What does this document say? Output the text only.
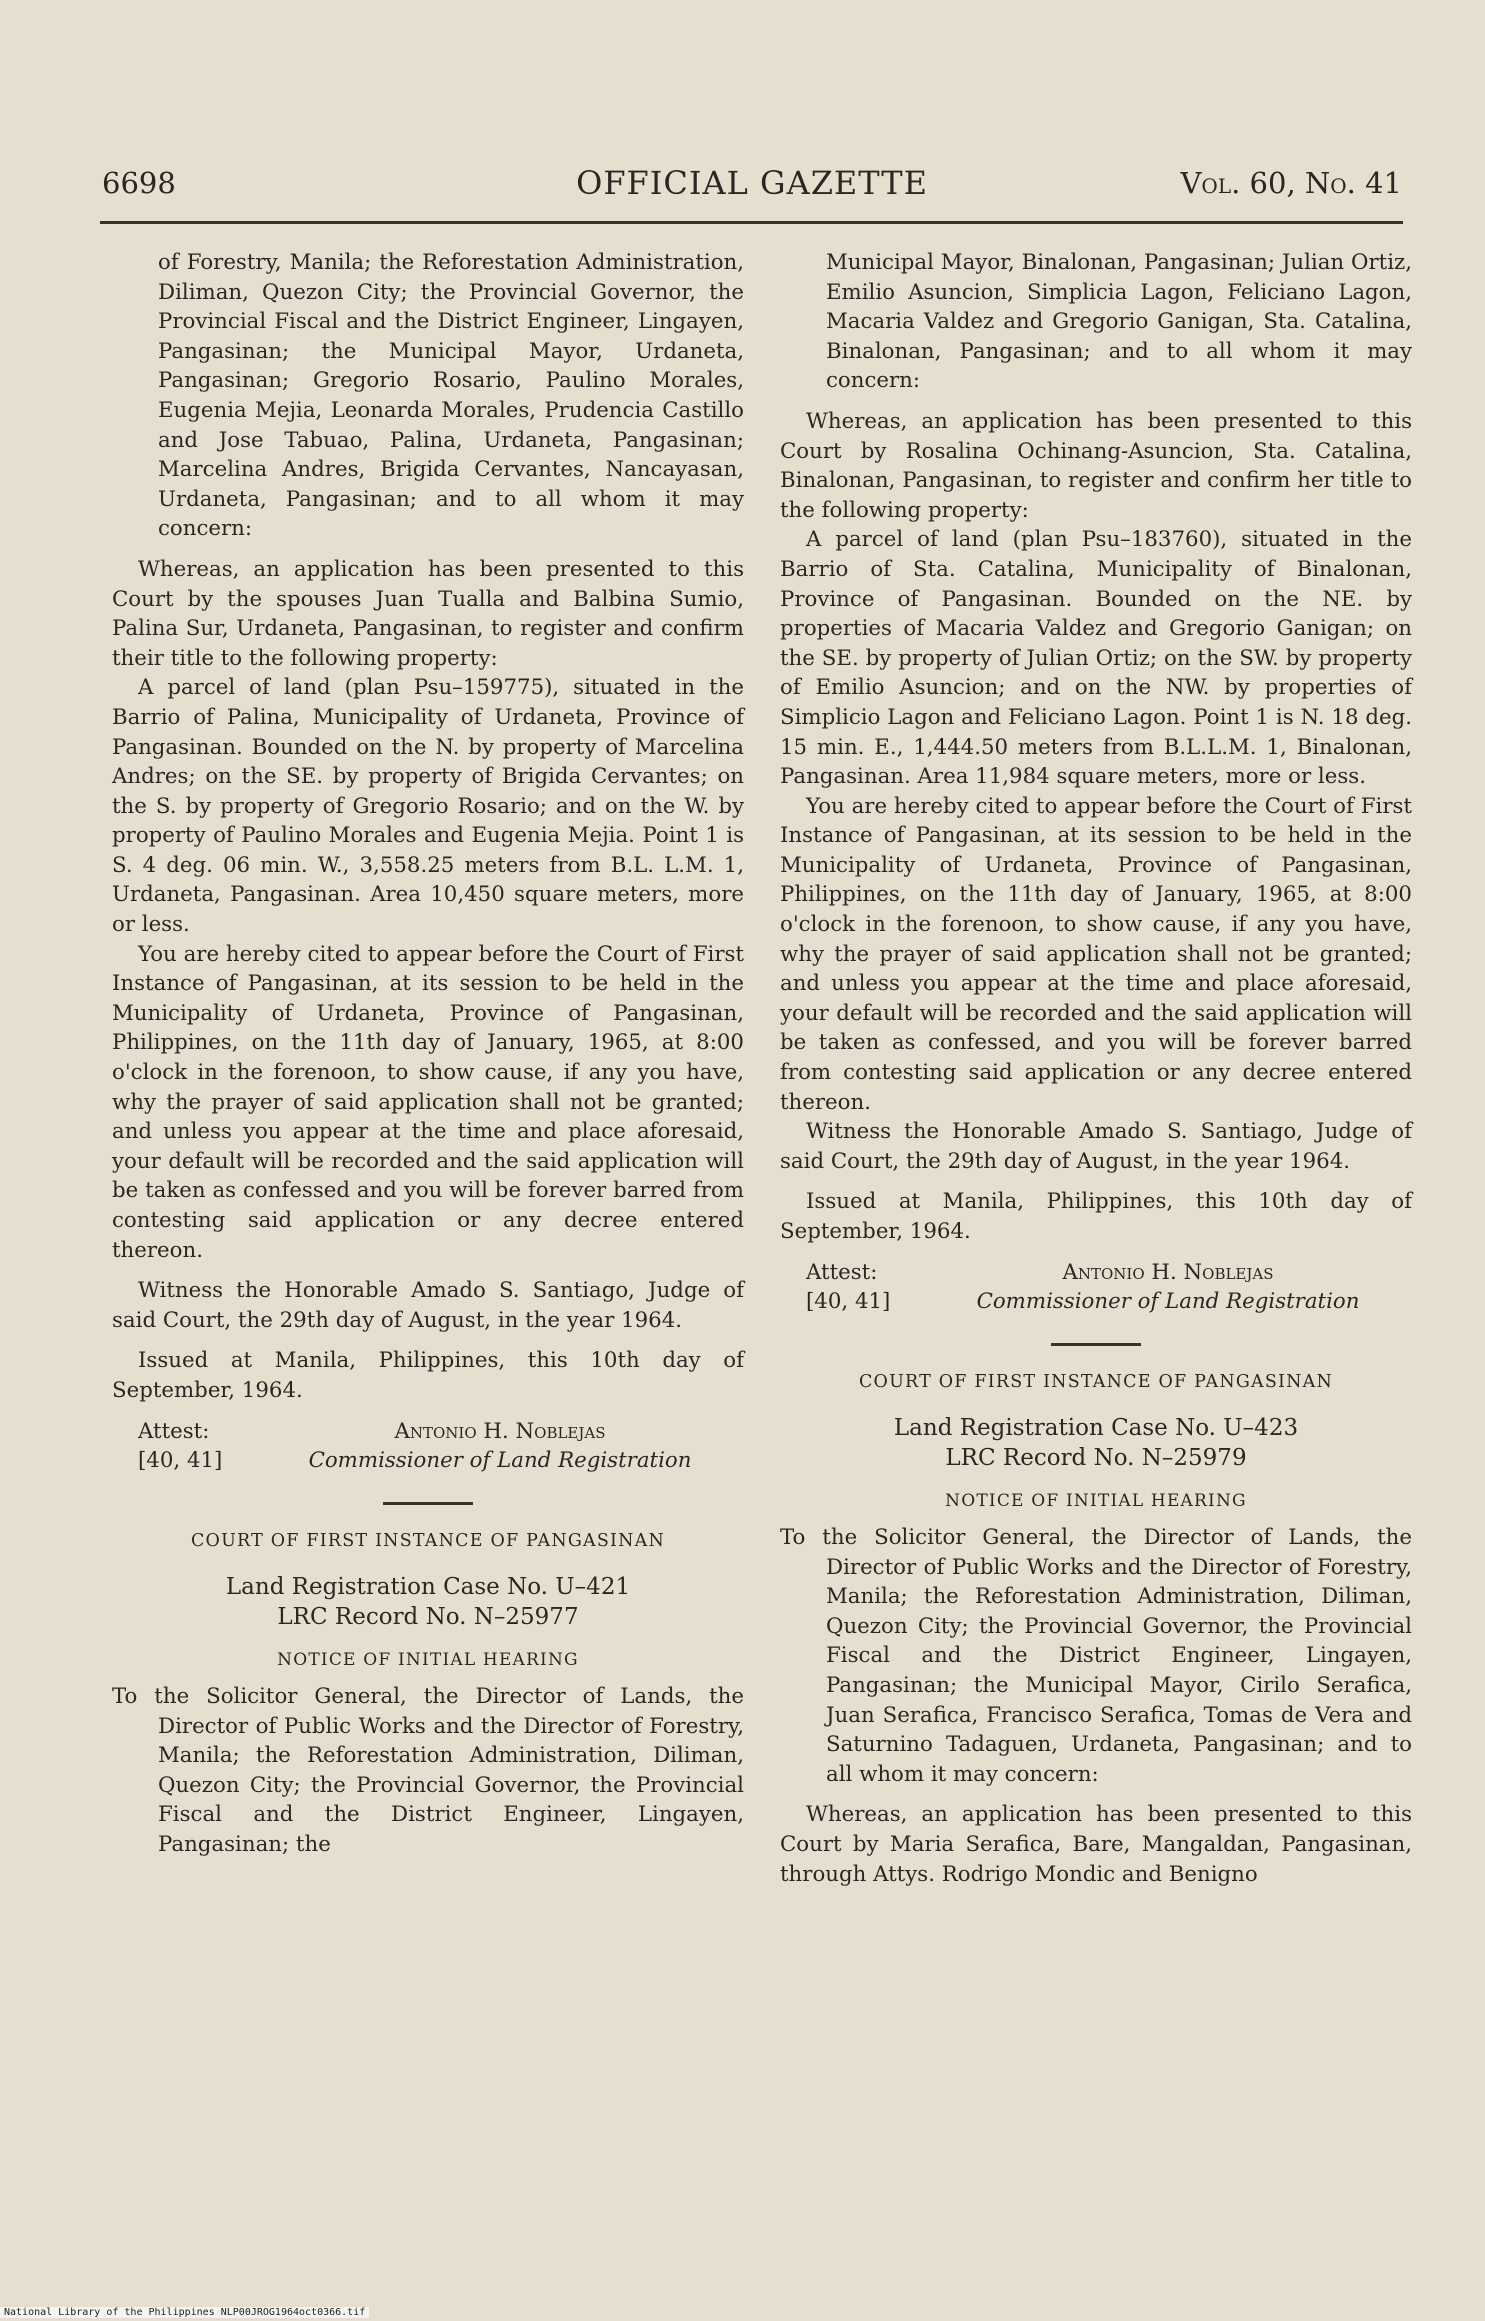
6698	OFFICIAL GAZETTE	Vol. 60, No. 41

of Forestry, Manila; the Reforestation Administration, Diliman, Quezon City; the Provincial Governor, the Provincial Fiscal and the District Engineer, Lingayen, Pangasinan; the Municipal Mayor, Urdaneta, Pangasinan; Gregorio Rosario, Paulino Morales, Eugenia Mejia, Leonarda Morales, Prudencia Castillo and Jose Tabuao, Palina, Urdaneta, Pangasinan; Marcelina Andres, Brigida Cervantes, Nancayasan, Urdaneta, Pangasinan; and to all whom it may concern:

Whereas, an application has been presented to this Court by the spouses Juan Tualla and Balbina Sumio, Palina Sur, Urdaneta, Pangasinan, to register and confirm their title to the following property:

A parcel of land (plan Psu–159775), situated in the Barrio of Palina, Municipality of Urdaneta, Province of Pangasinan. Bounded on the N. by property of Marcelina Andres; on the SE. by property of Brigida Cervantes; on the S. by property of Gregorio Rosario; and on the W. by property of Paulino Morales and Eugenia Mejia. Point 1 is S. 4 deg. 06 min. W., 3,558.25 meters from B.L. L.M. 1, Urdaneta, Pangasinan. Area 10,450 square meters, more or less.

You are hereby cited to appear before the Court of First Instance of Pangasinan, at its session to be held in the Municipality of Urdaneta, Province of Pangasinan, Philippines, on the 11th day of January, 1965, at 8:00 o'clock in the forenoon, to show cause, if any you have, why the prayer of said application shall not be granted; and unless you appear at the time and place aforesaid, your default will be recorded and the said application will be taken as confessed and you will be forever barred from contesting said application or any decree entered thereon.

Witness the Honorable Amado S. Santiago, Judge of said Court, the 29th day of August, in the year 1964.

Issued at Manila, Philippines, this 10th day of September, 1964.

Attest:	Antonio H. Noblejas
[40, 41]	Commissioner of Land Registration
COURT OF FIRST INSTANCE OF PANGASINAN
Land Registration Case No. U–421
LRC Record No. N–25977
NOTICE OF INITIAL HEARING

To the Solicitor General, the Director of Lands, the Director of Public Works and the Director of Forestry, Manila; the Reforestation Administration, Diliman, Quezon City; the Provincial Governor, the Provincial Fiscal and the District Engineer, Lingayen, Pangasinan; the

Municipal Mayor, Binalonan, Pangasinan; Julian Ortiz, Emilio Asuncion, Simplicia Lagon, Feliciano Lagon, Macaria Valdez and Gregorio Ganigan, Sta. Catalina, Binalonan, Pangasinan; and to all whom it may concern:

Whereas, an application has been presented to this Court by Rosalina Ochinang-Asuncion, Sta. Catalina, Binalonan, Pangasinan, to register and confirm her title to the following property:

A parcel of land (plan Psu–183760), situated in the Barrio of Sta. Catalina, Municipality of Binalonan, Province of Pangasinan. Bounded on the NE. by properties of Macaria Valdez and Gregorio Ganigan; on the SE. by property of Julian Ortiz; on the SW. by property of Emilio Asuncion; and on the NW. by properties of Simplicio Lagon and Feliciano Lagon. Point 1 is N. 18 deg. 15 min. E., 1,444.50 meters from B.L.L.M. 1, Binalonan, Pangasinan. Area 11,984 square meters, more or less.

You are hereby cited to appear before the Court of First Instance of Pangasinan, at its session to be held in the Municipality of Urdaneta, Province of Pangasinan, Philippines, on the 11th day of January, 1965, at 8:00 o'clock in the forenoon, to show cause, if any you have, why the prayer of said application shall not be granted; and unless you appear at the time and place aforesaid, your default will be recorded and the said application will be taken as confessed, and you will be forever barred from contesting said application or any decree entered thereon.

Witness the Honorable Amado S. Santiago, Judge of said Court, the 29th day of August, in the year 1964.

Issued at Manila, Philippines, this 10th day of September, 1964.

Attest:	Antonio H. Noblejas
[40, 41]	Commissioner of Land Registration
COURT OF FIRST INSTANCE OF PANGASINAN
Land Registration Case No. U–423
LRC Record No. N–25979
NOTICE OF INITIAL HEARING

To the Solicitor General, the Director of Lands, the Director of Public Works and the Director of Forestry, Manila; the Reforestation Administration, Diliman, Quezon City; the Provincial Governor, the Provincial Fiscal and the District Engineer, Lingayen, Pangasinan; the Municipal Mayor, Cirilo Serafica, Juan Serafica, Francisco Serafica, Tomas de Vera and Saturnino Tadaguen, Urdaneta, Pangasinan; and to all whom it may concern:

Whereas, an application has been presented to this Court by Maria Serafica, Bare, Mangaldan, Pangasinan, through Attys. Rodrigo Mondic and Benigno

National Library of the Philippines NLP00JROG1964oct0366.tif
